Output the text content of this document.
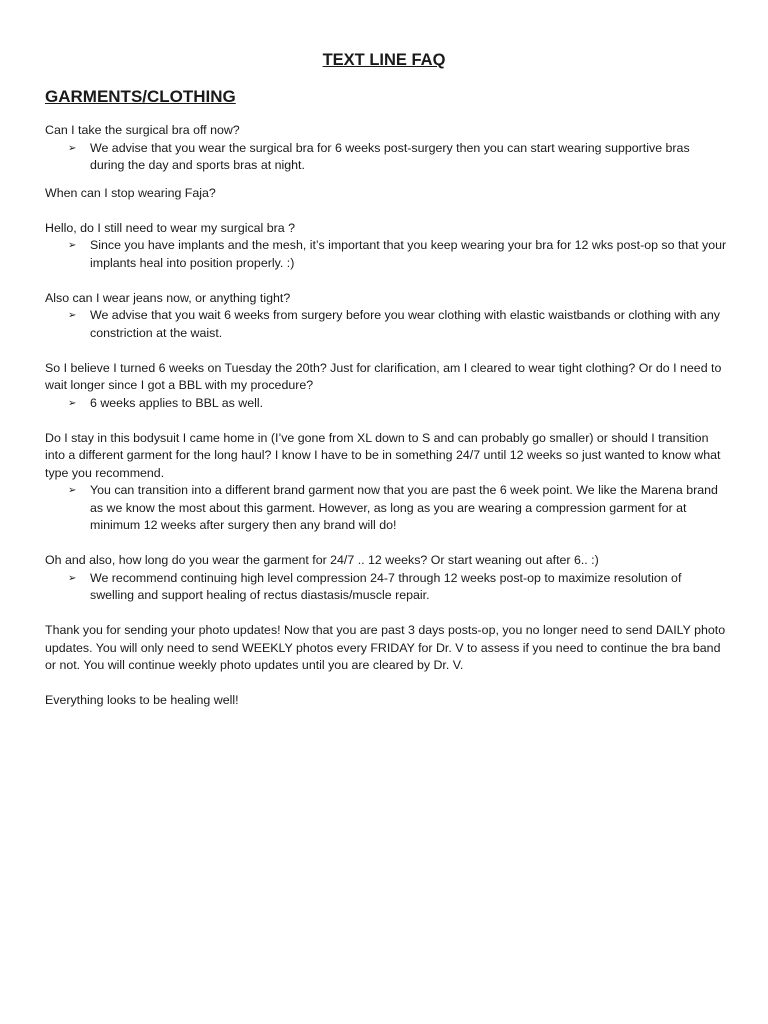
TEXT LINE FAQ
GARMENTS/CLOTHING

Can I take the surgical bra off now?

➢ We advise that you wear the surgical bra for 6 weeks post-surgery then you can start wearing supportive bras during the day and sports bras at night.

When can I stop wearing Faja?

Hello, do I still need to wear my surgical bra ?

➢ Since you have implants and the mesh, it’s important that you keep wearing your bra for 12 wks post-op so that your implants heal into position properly. :)

Also can I wear jeans now, or anything tight?

➢ We advise that you wait 6 weeks from surgery before you wear clothing with elastic waistbands or clothing with any constriction at the waist.

So I believe I turned 6 weeks on Tuesday the 20th? Just for clarification, am I cleared to wear tight clothing? Or do I need to wait longer since I got a BBL with my procedure?

➢ 6 weeks applies to BBL as well.

Do I stay in this bodysuit I came home in (I’ve gone from XL down to S and can probably go smaller) or should I transition into a different garment for the long haul? I know I have to be in something 24/7 until 12 weeks so just wanted to know what type you recommend.

➢ You can transition into a different brand garment now that you are past the 6 week point. We like the Marena brand as we know the most about this garment. However, as long as you are wearing a compression garment for at minimum 12 weeks after surgery then any brand will do!

Oh and also, how long do you wear the garment for 24/7 .. 12 weeks? Or start weaning out after 6.. :)

➢ We recommend continuing high level compression 24-7 through 12 weeks post-op to maximize resolution of swelling and support healing of rectus diastasis/muscle repair.

Thank you for sending your photo updates! Now that you are past 3 days posts-op, you no longer need to send DAILY photo updates. You will only need to send WEEKLY photos every FRIDAY for Dr. V to assess if you need to continue the bra band or not. You will continue weekly photo updates until you are cleared by Dr. V.

Everything looks to be healing well!
